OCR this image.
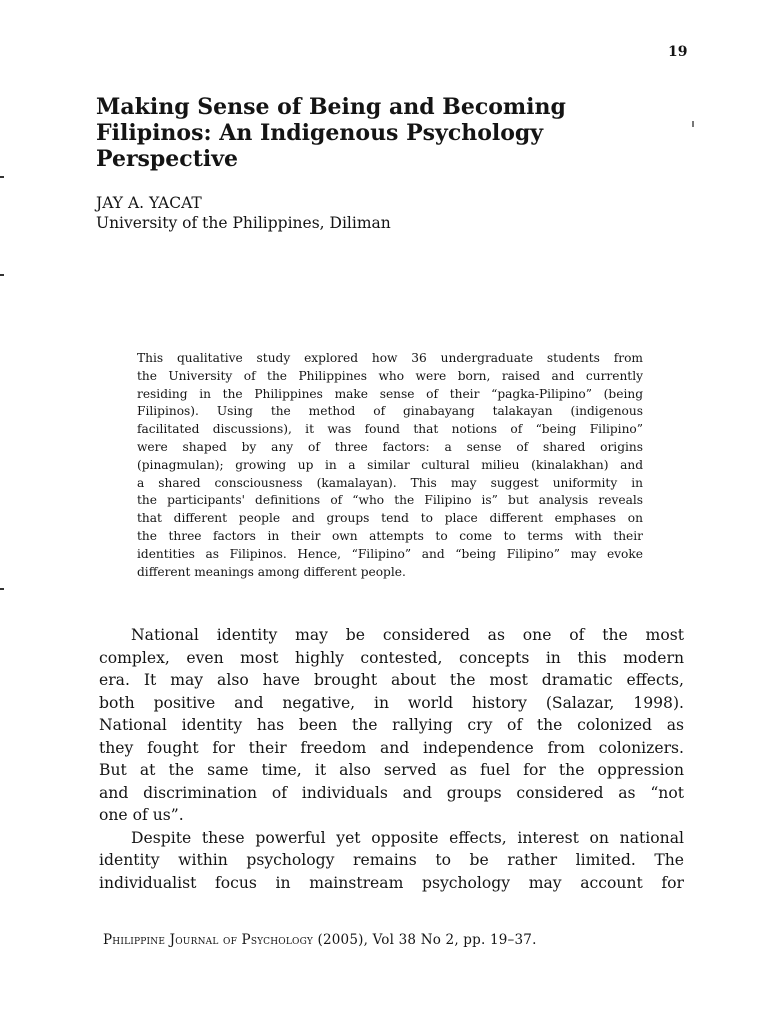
19
Making Sense of Being and Becoming
Filipinos: An Indigenous Psychology
Perspective
JAY A. YACAT
University of the Philippines, Diliman
This qualitative study explored how 36 undergraduate students from
the University of the Philippines who were born, raised and currently
residing in the Philippines make sense of their “pagka-Pilipino” (being
Filipinos). Using the method of ginabayang talakayan (indigenous
facilitated discussions), it was found that notions of “being Filipino”
were shaped by any of three factors: a sense of shared origins
(pinagmulan); growing up in a similar cultural milieu (kinalakhan) and
a shared consciousness (kamalayan). This may suggest uniformity in
the participants' definitions of “who the Filipino is” but analysis reveals
that different people and groups tend to place different emphases on
the three factors in their own attempts to come to terms with their
identities as Filipinos. Hence, “Filipino” and “being Filipino” may evoke
different meanings among different people.
National identity may be considered as one of the most
complex, even most highly contested, concepts in this modern
era. It may also have brought about the most dramatic effects,
both positive and negative, in world history (Salazar, 1998).
National identity has been the rallying cry of the colonized as
they fought for their freedom and independence from colonizers.
But at the same time, it also served as fuel for the oppression
and discrimination of individuals and groups considered as “not
one of us”.
Despite these powerful yet opposite effects, interest on national
identity within psychology remains to be rather limited. The
individualist focus in mainstream psychology may account for
Philippine Journal of Psychology (2005), Vol 38 No 2, pp. 19–37.
